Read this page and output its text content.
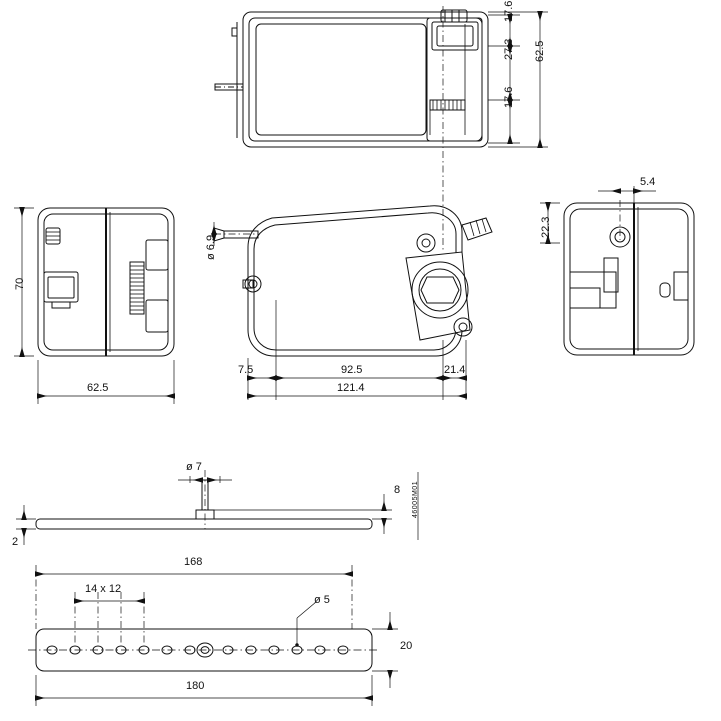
17.6
27.3
17.6
62.5
70
62.5
ø 6.9
7.5	92.5	21.4
121.4
5.4
22.3
ø 7
8
2
168
14 x 12
ø 5
20
180
46005M01
